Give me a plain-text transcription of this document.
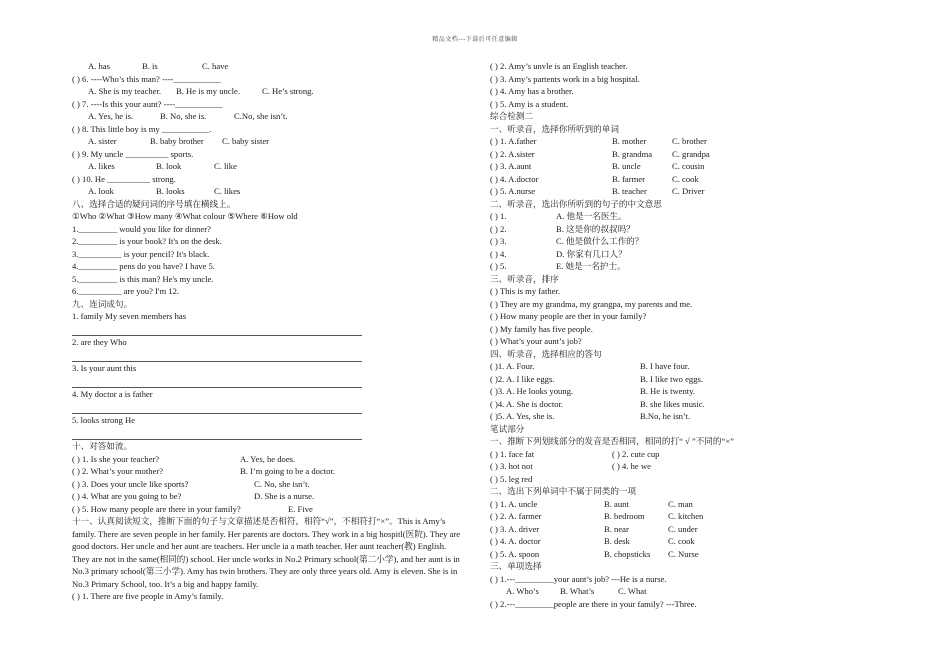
精品文档---下载后可任意编辑
A. has	B. is	C. have
( ) 6. ----Who’s this man? ----___________
A. She is my teacher. B. He is my uncle.	C. He’s strong.
( ) 7. ----Is this your aunt? ----___________
A. Yes, he is.	B. No, she is.	C.No, she isn’t.
( ) 8. This little boy is my ___________.
A. sister	B. baby brother C. baby sister
( ) 9. My uncle __________ sports.
A. likes	B. look	C. like
( ) 10. He __________ strong.
A. look	B. looks	C. likes
八、选择合适的疑问词的序号填在横线上。
①Who ②What ③How many ④What colour ⑤Where ⑥How old
1._________ would you like for dinner?
2._________ is your book? It's on the desk.
3.__________ is your pencil? It's black.
4._________ pens do you have? I have 5.
5._________ is this man? He's my uncle.
6.__________ are you? I'm 12.
九、连词成句。
1. family My seven members has
2. are they Who
3. Is your aunt this
4. My doctor a is father
5. looks strong He
十、对答如流。
( ) 1. Is she your teacher?	A. Yes, he does.
( ) 2. What’s your mother?	B. I’m going to be a doctor.
( ) 3. Does your uncle like sports?	C. No, she isn’t.
( ) 4. What are you going to be?	D. She is a nurse.
( ) 5. How many people are there in your family?	E. Five
十一、认真阅读短文，推断下面的句子与文章描述是否相符，相符“√”，不相符打“×”。This is Amy’s family. There are seven people in her family. Her parents are doctors. They work in a big hospitl(医院). They are good doctors. Her uncle and her aunt are teachers. Her uncle ia a math teacher. Her aunt teacher(教) English. They are not in the same(相同的) school. Her uncle works in No.2 Primary school(第二小学), and her aunt is in No.3 primary school(第三小学). Amy has twin brothers. They are only three years old. Amy is eleven. She is in No.3 Primary School, too. It’s a big and happy family.
( ) 1. There are five people in Amy’s family.
( ) 2. Amy’s unvle is an English teacher.
( ) 3. Amy’s partents work in a big hospital.
( ) 4. Amy has a brother.
( ) 5. Amy is a student.
综合检测二
一、听录音，选择你所听到的单词
( ) 1. A.father	B. mother	C. brother
( ) 2. A.sister	B. grandma C. grandpa
( ) 3. A.aunt	B. uncle	C. cousin
( ) 4. A.doctor	B. farmer	C. cook
( ) 5. A.nurse	B. teacher	C. Driver
二、听录音，选出你所听到的句子的中文意思
( ) 1.	A. 他是一名医生。
( ) 2.	B. 这是你的叔叔吗？
( ) 3.	C. 他是做什么工作的？
( ) 4.	D. 你家有几口人？
( ) 5.	E. 她是一名护士。
三、听录音，排序
( ) This is my father.
( ) They are my grandma, my grangpa, my parents and me.
( ) How many people are ther in your family?
( ) My family has five people.
( ) What’s your aunt’s job?
四、听录音，选择相应的答句
( )1. A. Four.	B. I have four.
( )2. A. I like eggs.	B. I like two eggs.
( )3. A. He looks young.	B. He is twenty.
( )4. A. She is doctor.	B. she likes music.
( )5. A. Yes, she is.	B.No, he isn’t.
笔试部分
一、推断下列划线部分的发音是否相同，相同的打“ √ ”不同的“×”
( ) 1. face fat	( ) 2. cute cup
( ) 3. hot not	( ) 4. he we
( ) 5. leg red
二、选出下列单词中不属于同类的一项
( ) 1. A. uncle	B. aunt	C. man
( ) 2. A. farmer	B. bedroom	C. kitchen
( ) 3. A. driver	B. near	C. under
( ) 4. A. doctor	B. desk	C. cook
( ) 5. A. spoon	B. chopsticks C. Nurse
三、单项选择
( ) 1.---_________your aunt’s job? ---He is a nurse.
A. Who’s B. What’s	C. What
( ) 2.---_________people are there in your family? ---Three.
